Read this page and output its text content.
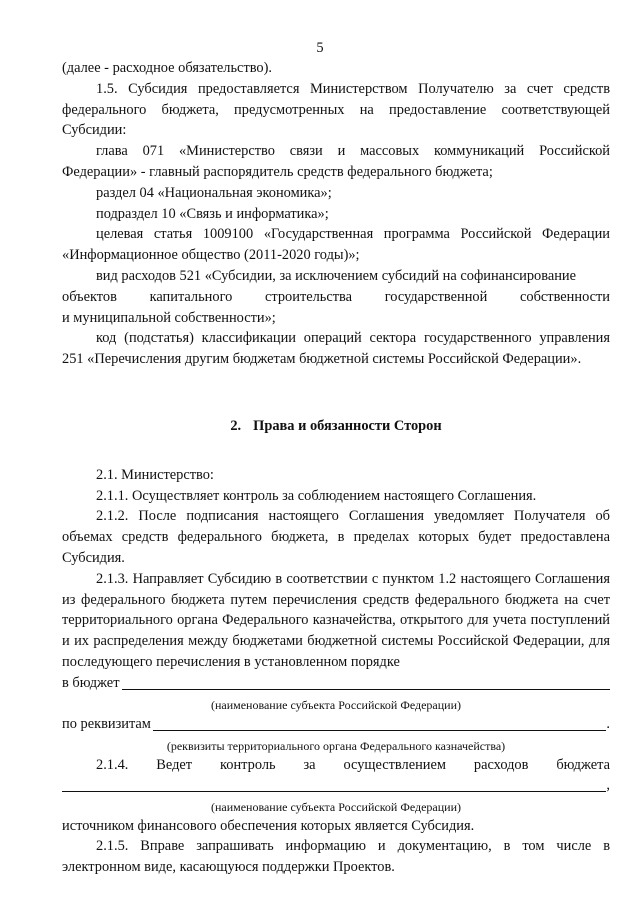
5

(далее - расходное обязательство).

1.5. Субсидия предоставляется Министерством Получателю за счет средств федерального бюджета, предусмотренных на предоставление соответствующей Субсидии:

глава 071 «Министерство связи и массовых коммуникаций Российской Федерации» - главный распорядитель средств федерального бюджета;

раздел 04 «Национальная экономика»;

подраздел 10 «Связь и информатика»;

целевая статья 1009100 «Государственная программа Российской Федерации «Информационное общество (2011-2020 годы)»;

вид расходов 521 «Субсидии, за исключением субсидий на софинансирование

объектов капитального строительства государственной собственности

и муниципальной собственности»;

код (подстатья) классификации операций сектора государственного управления 251 «Перечисления другим бюджетам бюджетной системы Российской Федерации».

2. Права и обязанности Сторон

2.1. Министерство:

2.1.1. Осуществляет контроль за соблюдением настоящего Соглашения.

2.1.2. После подписания настоящего Соглашения уведомляет Получателя об объемах средств федерального бюджета, в пределах которых будет предоставлена Субсидия.

2.1.3. Направляет Субсидию в соответствии с пунктом 1.2 настоящего Соглашения из федерального бюджета путем перечисления средств федерального бюджета на счет территориального органа Федерального казначейства, открытого для учета поступлений и их распределения между бюджетами бюджетной системы Российской Федерации, для последующего перечисления в установленном порядке

в бюджет
(наименование субъекта Российской Федерации)
по реквизитам	.
(реквизиты территориального органа Федерального казначейства)

2.1.4. Ведет контроль за осуществлением расходов бюджета

,
(наименование субъекта Российской Федерации)

источником финансового обеспечения которых является Субсидия.

2.1.5. Вправе запрашивать информацию и документацию, в том числе в электронном виде, касающуюся поддержки Проектов.
